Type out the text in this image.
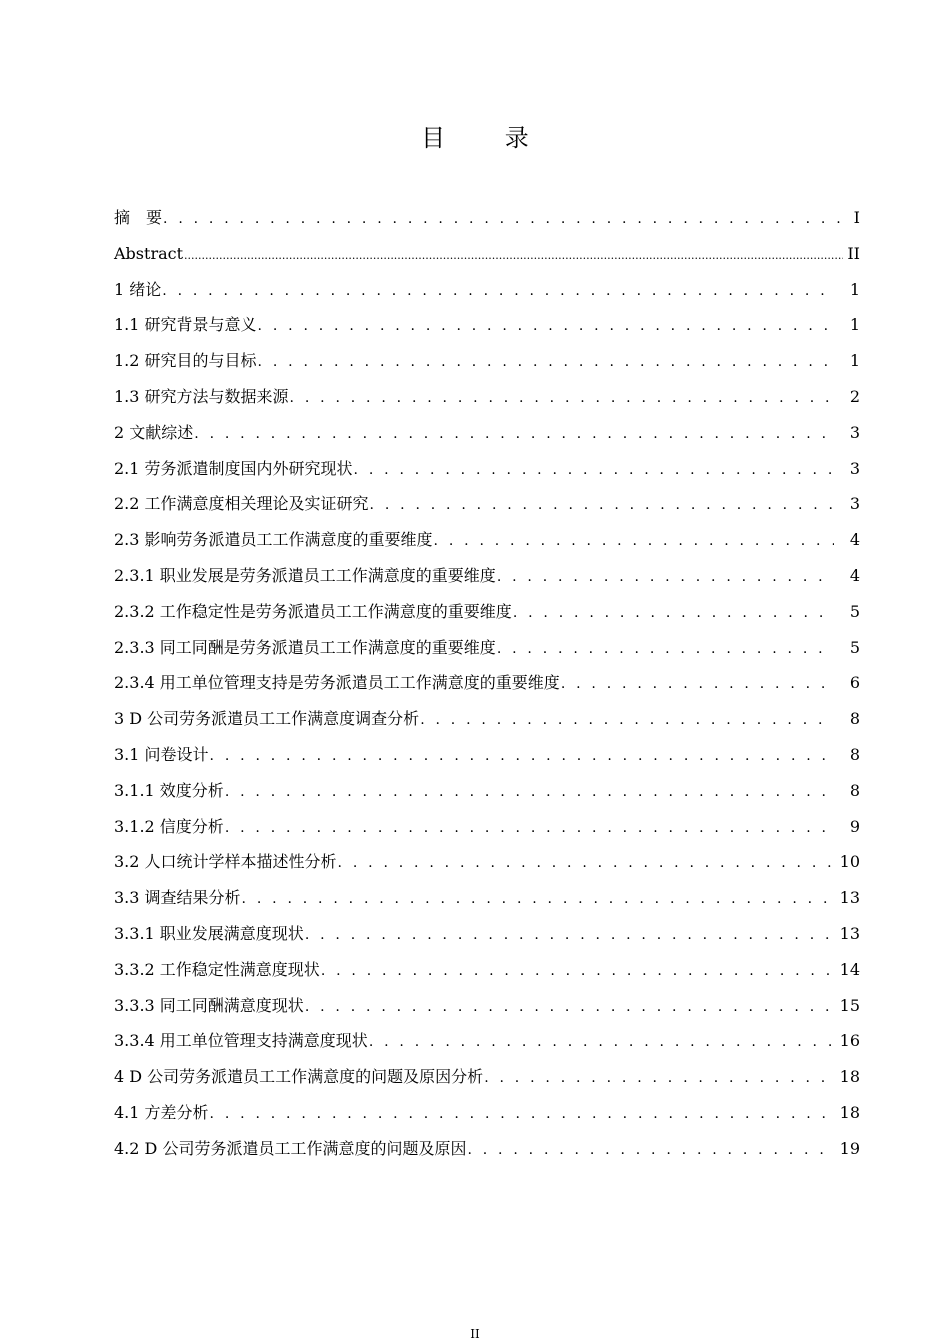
目 录
摘　要 . . .	I
Abstract .....	II
1 绪论 . . .	1
1.1 研究背景与意义 . . .	1
1.2 研究目的与目标 . . .	1
1.3 研究方法与数据来源 . . .	2
2 文献综述 . . .	3
2.1 劳务派遣制度国内外研究现状 . . .	3
2.2 工作满意度相关理论及实证研究 . . .	3
2.3 影响劳务派遣员工工作满意度的重要维度 . . .	4
2.3.1 职业发展是劳务派遣员工工作满意度的重要维度 . . .	4
2.3.2 工作稳定性是劳务派遣员工工作满意度的重要维度 . . .	5
2.3.3 同工同酬是劳务派遣员工工作满意度的重要维度 . . .	5
2.3.4 用工单位管理支持是劳务派遣员工工作满意度的重要维度 . . .	6
3 D 公司劳务派遣员工工作满意度调查分析 . . .	8
3.1 问卷设计 . . .	8
3.1.1 效度分析 . . .	8
3.1.2 信度分析 . . .	9
3.2 人口统计学样本描述性分析 . . .	10
3.3 调查结果分析 . . .	13
3.3.1 职业发展满意度现状 . . .	13
3.3.2 工作稳定性满意度现状 . . .	14
3.3.3 同工同酬满意度现状 . . .	15
3.3.4 用工单位管理支持满意度现状 . . .	16
4 D 公司劳务派遣员工工作满意度的问题及原因分析 . . .	18
4.1 方差分析 . . .	18
4.2 D 公司劳务派遣员工工作满意度的问题及原因 . . .	19
II
